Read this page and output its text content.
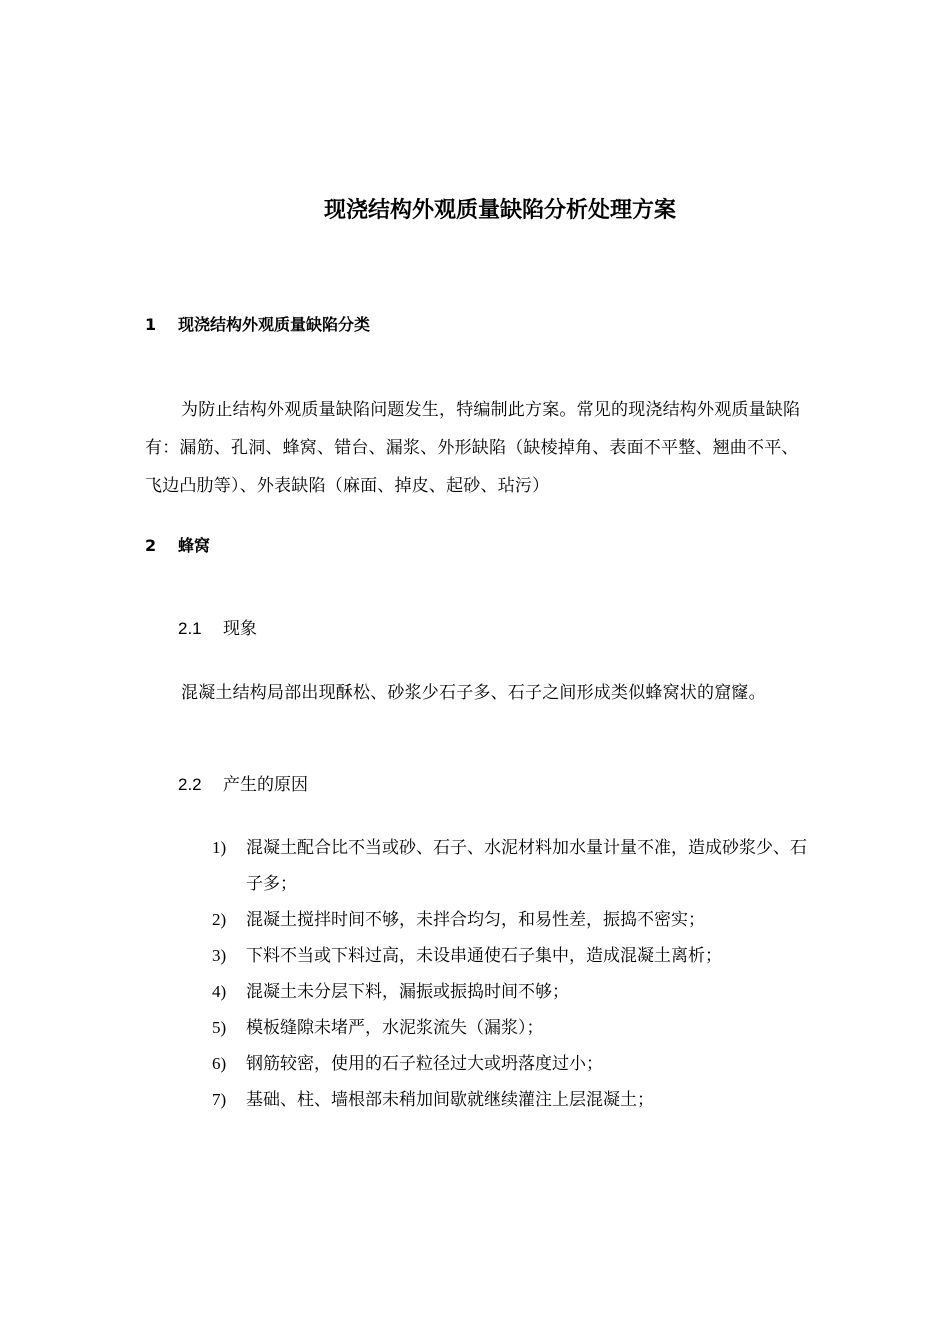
现浇结构外观质量缺陷分析处理方案
1 现浇结构外观质量缺陷分类
为防止结构外观质量缺陷问题发生，特编制此方案。常见的现浇结构外观质量缺陷有：漏筋、孔洞、蜂窝、错台、漏浆、外形缺陷（缺棱掉角、表面不平整、翘曲不平、飞边凸肋等）、外表缺陷（麻面、掉皮、起砂、玷污）
2 蜂窝
2.1 现象
混凝土结构局部出现酥松、砂浆少石子多、石子之间形成类似蜂窝状的窟窿。
2.2 产生的原因
1) 混凝土配合比不当或砂、石子、水泥材料加水量计量不准，造成砂浆少、石子多；
2) 混凝土搅拌时间不够，未拌合均匀，和易性差，振捣不密实；
3) 下料不当或下料过高，未设串通使石子集中，造成混凝土离析；
4) 混凝土未分层下料，漏振或振捣时间不够；
5) 模板缝隙未堵严，水泥浆流失（漏浆）；
6) 钢筋较密，使用的石子粒径过大或坍落度过小；
7) 基础、柱、墙根部未稍加间歇就继续灌注上层混凝土；
